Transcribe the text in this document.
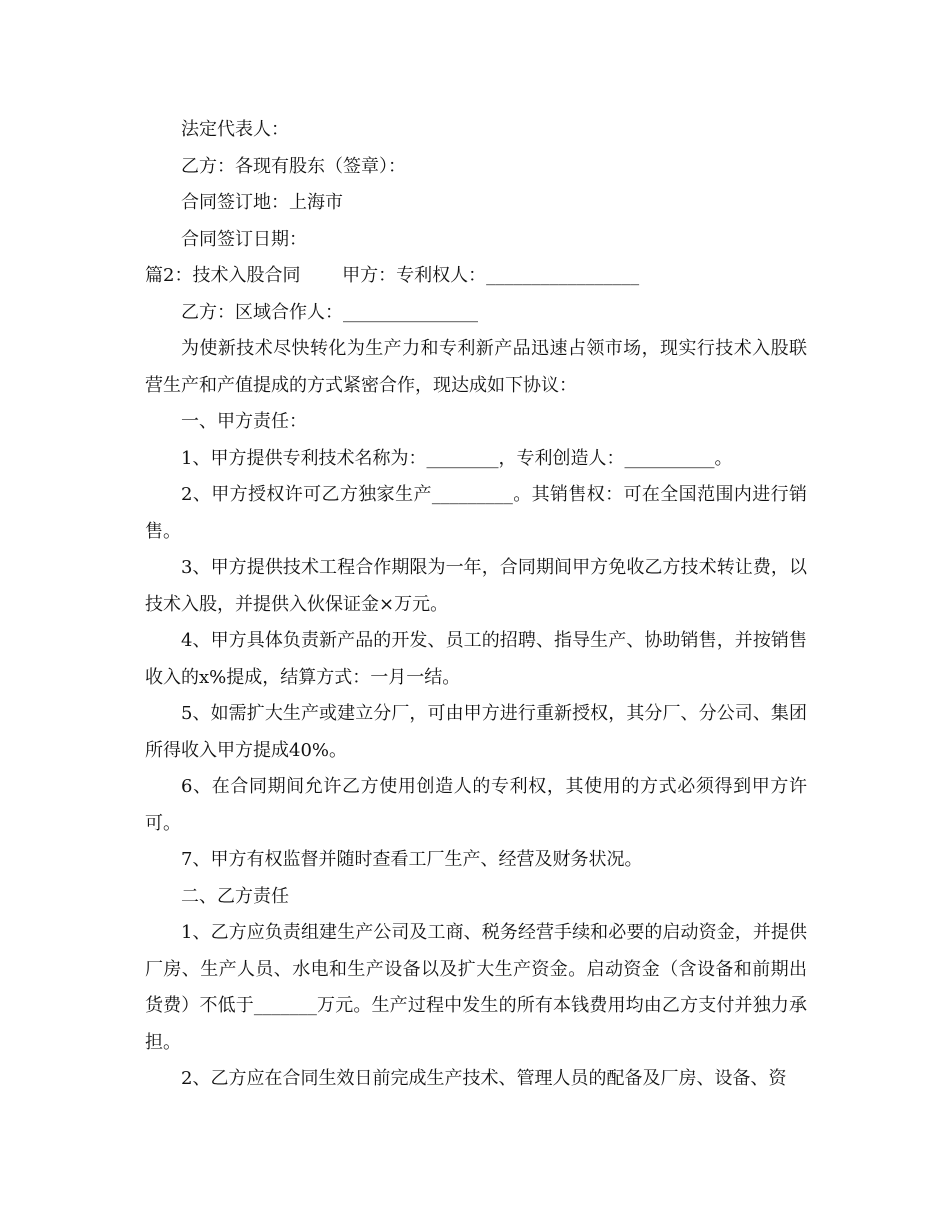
法定代表人：

乙方：各现有股东（签章）：

合同签订地：上海市

合同签订日期：

篇2：技术入股合同　　 甲方：专利权人：_________________

乙方：区域合作人：_______________

为使新技术尽快转化为生产力和专利新产品迅速占领市场，现实行技术入股联营生产和产值提成的方式紧密合作，现达成如下协议：

一、甲方责任：

1、甲方提供专利技术名称为：________，专利创造人：__________。

2、甲方授权许可乙方独家生产_________。其销售权：可在全国范围内进行销售。

3、甲方提供技术工程合作期限为一年，合同期间甲方免收乙方技术转让费，以技术入股，并提供入伙保证金×万元。

4、甲方具体负责新产品的开发、员工的招聘、指导生产、协助销售，并按销售收入的x%提成，结算方式：一月一结。

5、如需扩大生产或建立分厂，可由甲方进行重新授权，其分厂、分公司、集团所得收入甲方提成40%。

6、在合同期间允许乙方使用创造人的专利权，其使用的方式必须得到甲方许可。

7、甲方有权监督并随时查看工厂生产、经营及财务状况。

二、乙方责任

1、乙方应负责组建生产公司及工商、税务经营手续和必要的启动资金，并提供厂房、生产人员、水电和生产设备以及扩大生产资金。启动资金（含设备和前期出货费）不低于_______万元。生产过程中发生的所有本钱费用均由乙方支付并独力承担。

2、乙方应在合同生效日前完成生产技术、管理人员的配备及厂房、设备、资
